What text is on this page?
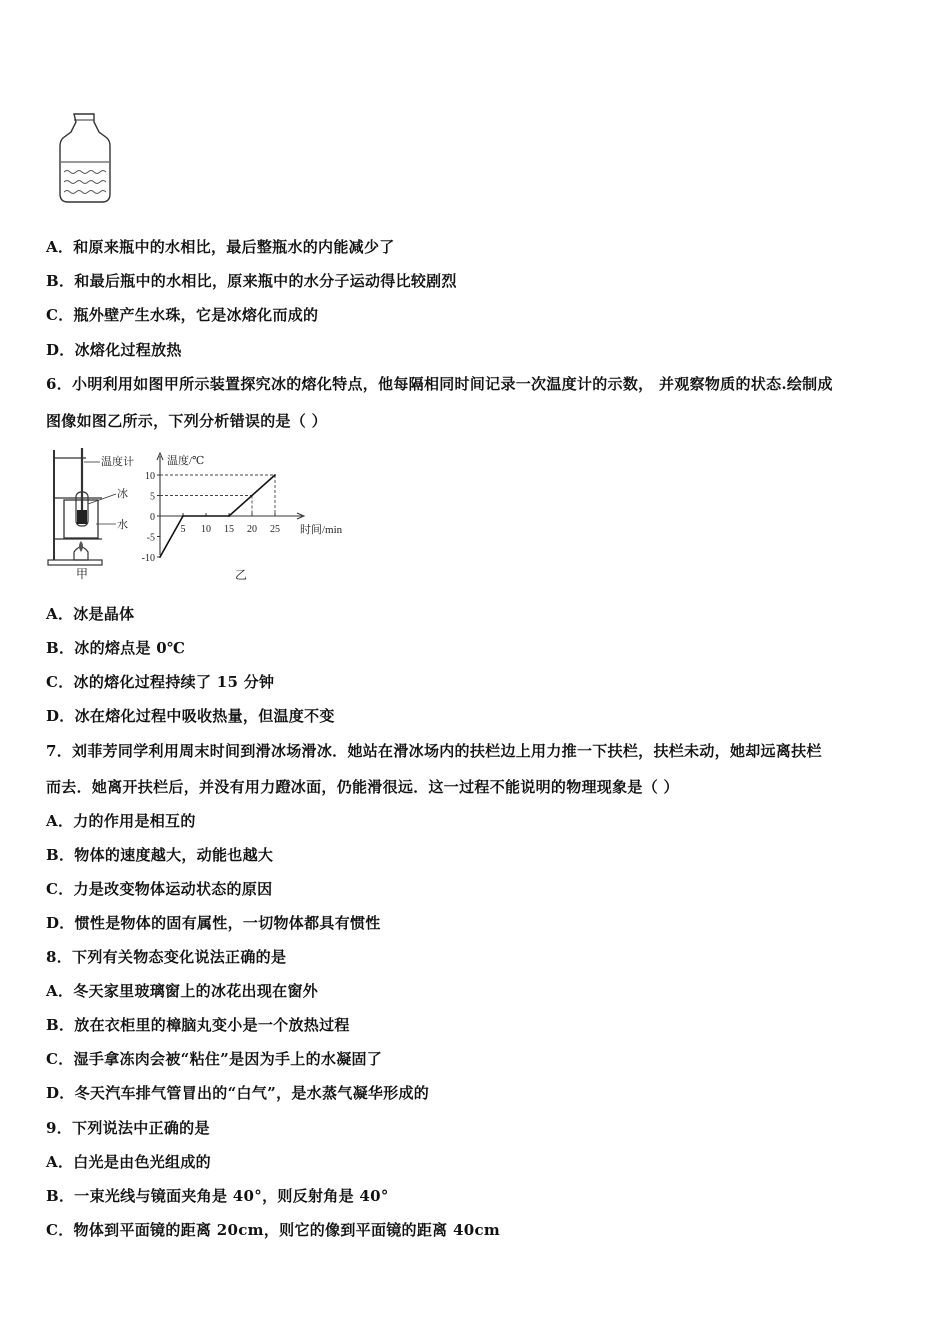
A．和原来瓶中的水相比，最后整瓶水的内能减少了
B．和最后瓶中的水相比，原来瓶中的水分子运动得比较剧烈
C．瓶外壁产生水珠，它是冰熔化而成的
D．冰熔化过程放热
6．小明利用如图甲所示装置探究冰的熔化特点，他每隔相同时间记录一次温度计的示数， 并观察物质的状态.绘制成
图像如图乙所示，下列分析错误的是（ ）
温度计
冰
水
甲
温度/℃
时间/min
10
5
0
-5
-10
5 10 15 20 25
乙
A．冰是晶体
B．冰的熔点是 0℃
C．冰的熔化过程持续了 15 分钟
D．冰在熔化过程中吸收热量，但温度不变
7．刘菲芳同学利用周末时间到滑冰场滑冰．她站在滑冰场内的扶栏边上用力推一下扶栏，扶栏未动，她却远离扶栏
而去．她离开扶栏后，并没有用力蹬冰面，仍能滑很远．这一过程不能说明的物理现象是（ ）
A．力的作用是相互的
B．物体的速度越大，动能也越大
C．力是改变物体运动状态的原因
D．惯性是物体的固有属性，一切物体都具有惯性
8．下列有关物态变化说法正确的是
A．冬天家里玻璃窗上的冰花出现在窗外
B．放在衣柜里的樟脑丸变小是一个放热过程
C．湿手拿冻肉会被“粘住”是因为手上的水凝固了
D．冬天汽车排气管冒出的“白气”，是水蒸气凝华形成的
9．下列说法中正确的是
A．白光是由色光组成的
B．一束光线与镜面夹角是 40°，则反射角是 40°
C．物体到平面镜的距离 20cm，则它的像到平面镜的距离 40cm
